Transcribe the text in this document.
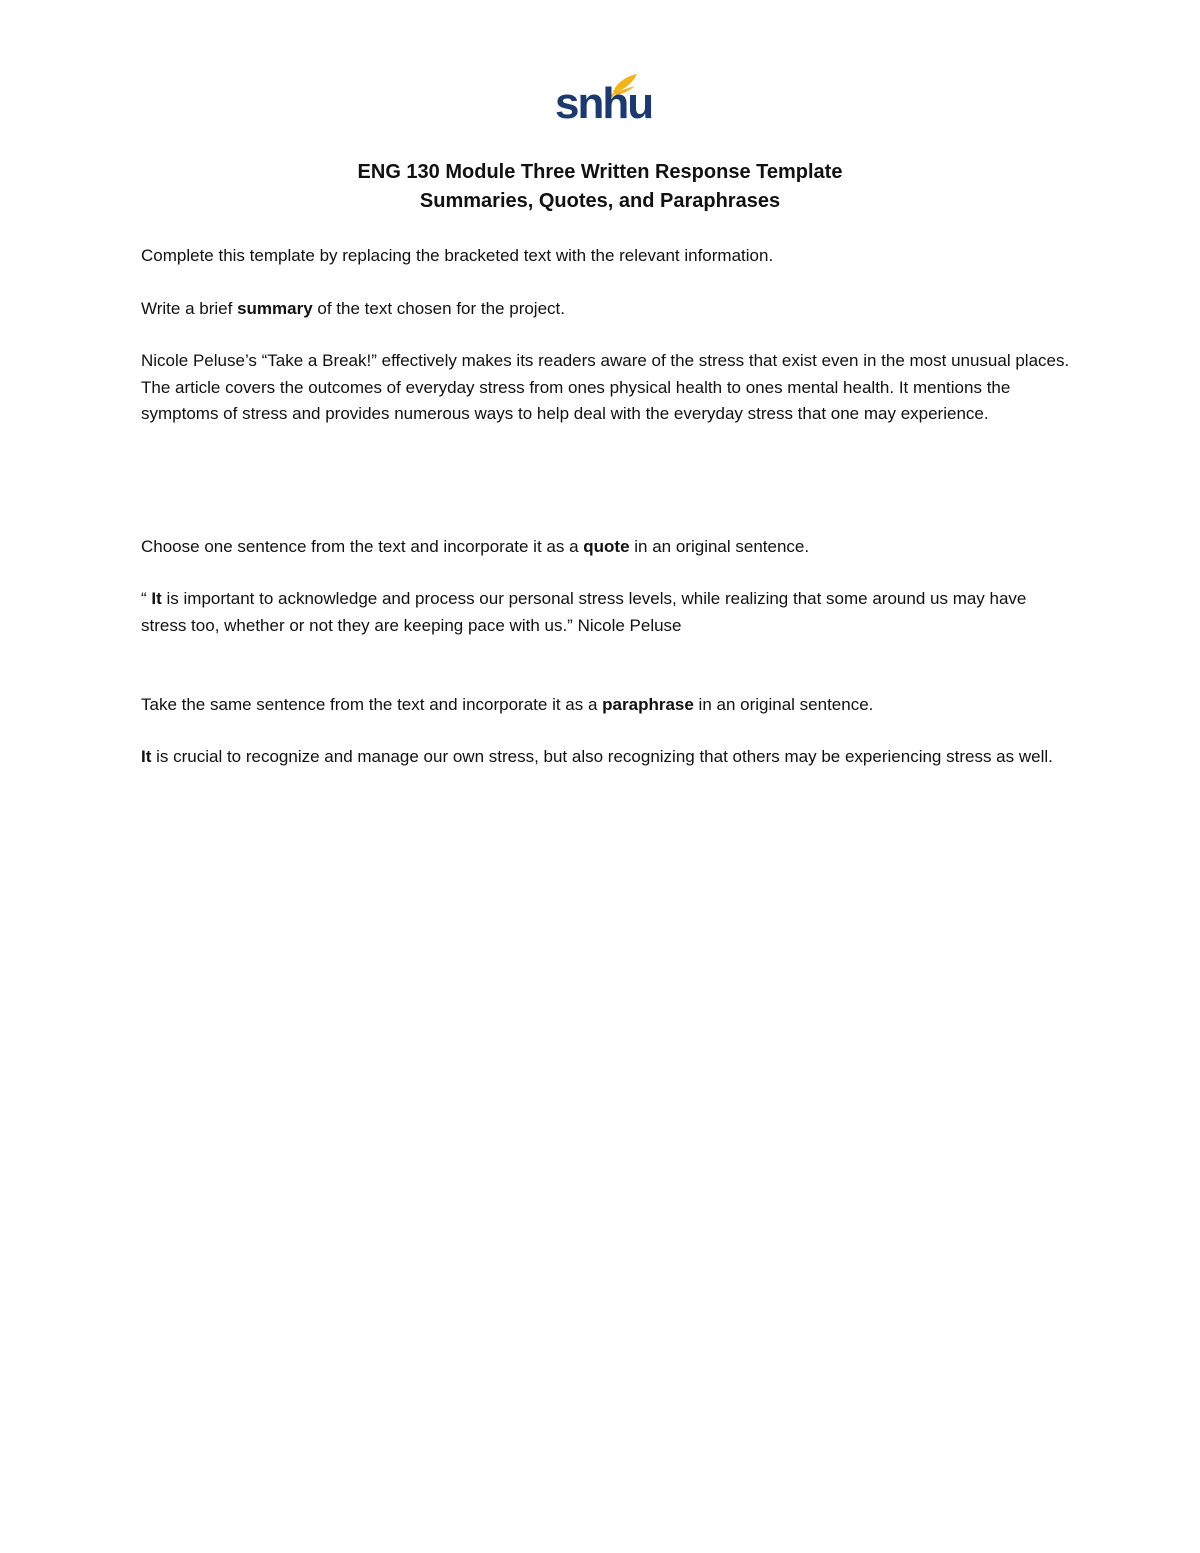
snhu
ENG 130 Module Three Written Response Template
Summaries, Quotes, and Paraphrases

Complete this template by replacing the bracketed text with the relevant information.

Write a brief summary of the text chosen for the project.

Nicole Peluse’s “Take a Break!” effectively makes its readers aware of the stress that exist even in the most unusual places. The article covers the outcomes of everyday stress from ones physical health to ones mental health. It mentions the symptoms of stress and provides numerous ways to help deal with the everyday stress that one may experience.

Choose one sentence from the text and incorporate it as a quote in an original sentence.

“ It is important to acknowledge and process our personal stress levels, while realizing that some around us may have stress too, whether or not they are keeping pace with us.” Nicole Peluse

Take the same sentence from the text and incorporate it as a paraphrase in an original sentence.

It is crucial to recognize and manage our own stress, but also recognizing that others may be experiencing stress as well.
